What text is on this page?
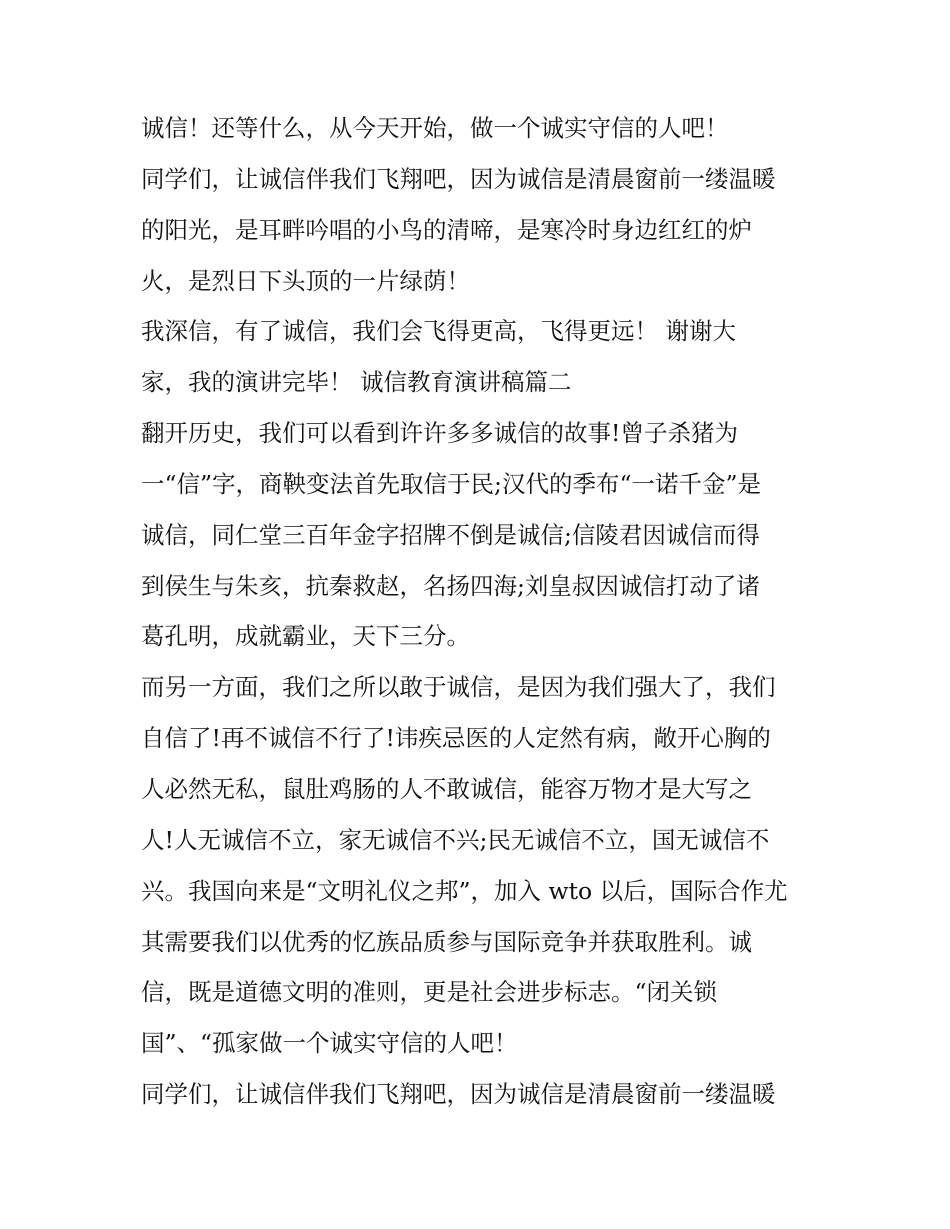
诚信！还等什么，从今天开始，做一个诚实守信的人吧！
同学们，让诚信伴我们飞翔吧，因为诚信是清晨窗前一缕温暖
的阳光，是耳畔吟唱的小鸟的清啼，是寒冷时身边红红的炉
火，是烈日下头顶的一片绿荫！
我深信，有了诚信，我们会飞得更高，飞得更远！ 谢谢大
家，我的演讲完毕！ 诚信教育演讲稿篇二
翻开历史，我们可以看到许许多多诚信的故事!曾子杀猪为
一“信”字，商鞅变法首先取信于民;汉代的季布“一诺千金”是
诚信，同仁堂三百年金字招牌不倒是诚信;信陵君因诚信而得
到侯生与朱亥，抗秦救赵，名扬四海;刘皇叔因诚信打动了诸
葛孔明，成就霸业，天下三分。
而另一方面，我们之所以敢于诚信，是因为我们强大了，我们
自信了!再不诚信不行了!讳疾忌医的人定然有病，敞开心胸的
人必然无私，鼠肚鸡肠的人不敢诚信，能容万物才是大写之
人!人无诚信不立，家无诚信不兴;民无诚信不立，国无诚信不
兴。我国向来是“文明礼仪之邦”，加入 wto 以后，国际合作尤
其需要我们以优秀的忆族品质参与国际竞争并获取胜利。诚
信，既是道德文明的准则，更是社会进步标志。“闭关锁
国”、“孤家做一个诚实守信的人吧！
同学们，让诚信伴我们飞翔吧，因为诚信是清晨窗前一缕温暖
